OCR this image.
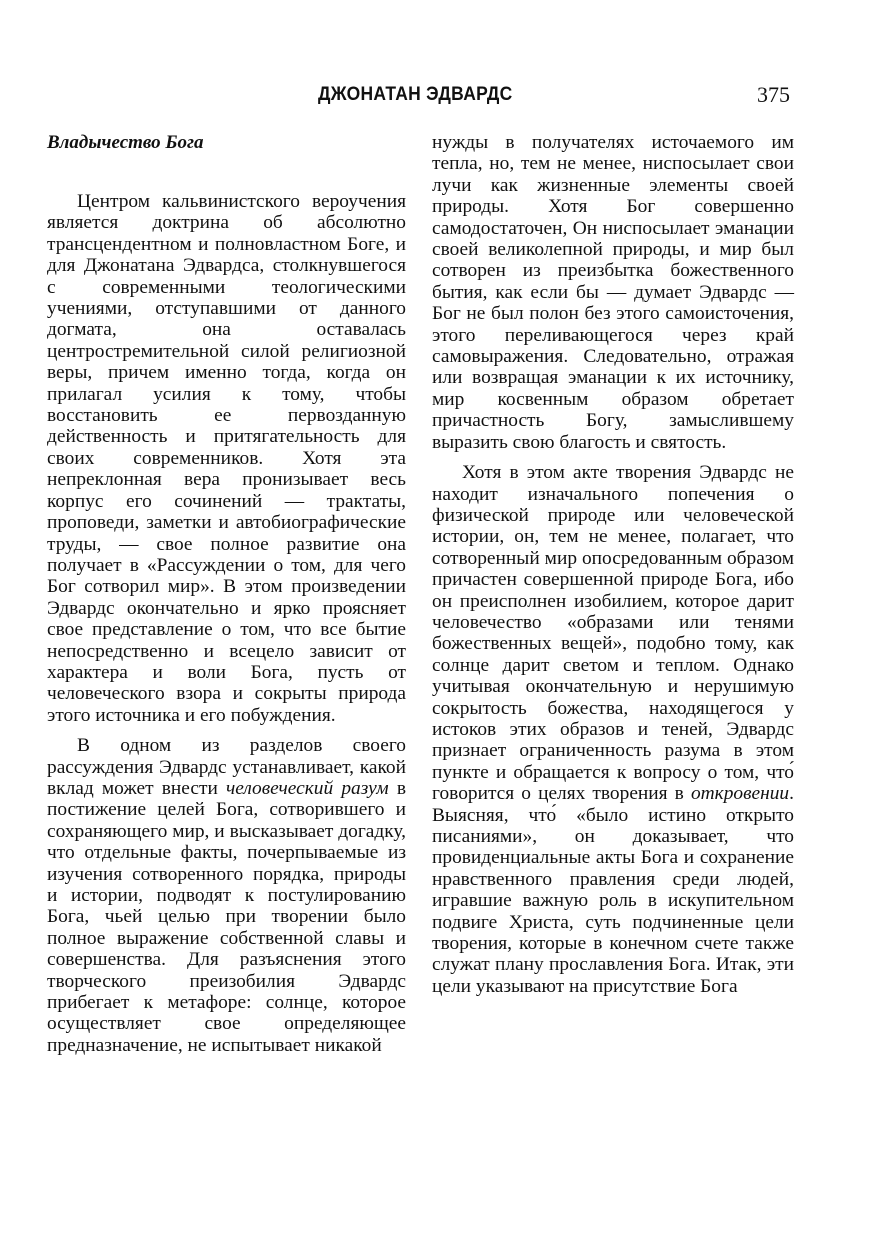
ДЖОНАТАН ЭДВАРДС	375
Владычество Бога

Центром кальвинистского вероучения является доктрина об абсолютно трансцендентном и полновластном Боге, и для Джонатана Эдвардса, столкнувшегося с современными теологическими учениями, отступавшими от данного догмата, она оставалась центростремительной силой религиозной веры, причем именно тогда, когда он прилагал усилия к тому, чтобы восстановить ее первозданную действенность и притягательность для своих современников. Хотя эта непреклонная вера пронизывает весь корпус его сочинений — трактаты, проповеди, заметки и автобиографические труды, — свое полное развитие она получает в «Рассуждении о том, для чего Бог сотворил мир». В этом произведении Эдвардс окончательно и ярко проясняет свое представление о том, что все бытие непосредственно и всецело зависит от характера и воли Бога, пусть от человеческого взора и сокрыты природа этого источника и его побуждения.

В одном из разделов своего рассуждения Эдвардс устанавливает, какой вклад может внести человеческий разум в постижение целей Бога, сотворившего и сохраняющего мир, и высказывает догадку, что отдельные факты, почерпываемые из изучения сотворенного порядка, природы и истории, подводят к постулированию Бога, чьей целью при творении было полное выражение собственной славы и совершенства. Для разъяснения этого творческого преизобилия Эдвардс прибегает к метафоре: солнце, которое осуществляет свое определяющее предназначение, не испытывает никакой

нужды в получателях источаемого им тепла, но, тем не менее, ниспосылает свои лучи как жизненные элементы своей природы. Хотя Бог совершенно самодостаточен, Он ниспосылает эманации своей великолепной природы, и мир был сотворен из преизбытка божественного бытия, как если бы — думает Эдвардс — Бог не был полон без этого самоисточения, этого переливающегося через край самовыражения. Следовательно, отражая или возвращая эманации к их источнику, мир косвенным образом обретает причастность Богу, замыслившему выразить свою благость и святость.

Хотя в этом акте творения Эдвардс не находит изначального попечения о физической природе или человеческой истории, он, тем не менее, полагает, что сотворенный мир опосредованным образом причастен совершенной природе Бога, ибо он преисполнен изобилием, которое дарит человечество «образами или тенями божественных вещей», подобно тому, как солнце дарит светом и теплом. Однако учитывая окончательную и нерушимую сокрытость божества, находящегося у истоков этих образов и теней, Эдвардс признает ограниченность разума в этом пункте и обращается к вопросу о том, что́ говорится о целях творения в откровении. Выясняя, что́ «было истино открыто писаниями», он доказывает, что провиденциальные акты Бога и сохранение нравственного правления среди людей, игравшие важную роль в искупительном подвиге Христа, суть подчиненные цели творения, которые в конечном счете также служат плану прославления Бога. Итак, эти цели указывают на присутствие Бога
